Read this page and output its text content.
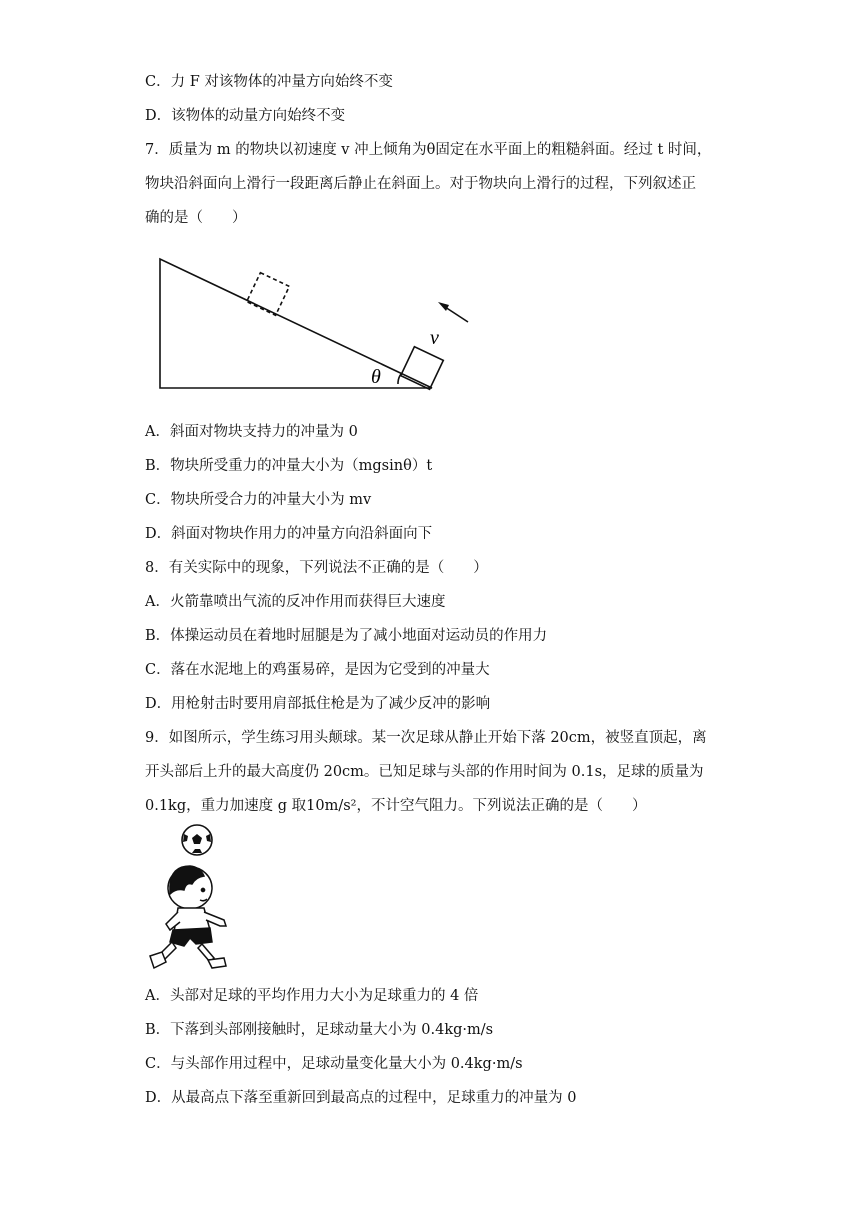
C．力 F 对该物体的冲量方向始终不变
D．该物体的动量方向始终不变
7．质量为 m 的物块以初速度 v 冲上倾角为θ固定在水平面上的粗糙斜面。经过 t 时间，
物块沿斜面向上滑行一段距离后静止在斜面上。对于物块向上滑行的过程，下列叙述正
确的是（　　）
v
θ
A．斜面对物块支持力的冲量为 0
B．物块所受重力的冲量大小为（mgsinθ）t
C．物块所受合力的冲量大小为 mv
D．斜面对物块作用力的冲量方向沿斜面向下
8．有关实际中的现象，下列说法不正确的是（　　）
A．火箭靠喷出气流的反冲作用而获得巨大速度
B．体操运动员在着地时屈腿是为了减小地面对运动员的作用力
C．落在水泥地上的鸡蛋易碎，是因为它受到的冲量大
D．用枪射击时要用肩部抵住枪是为了减少反冲的影响
9．如图所示，学生练习用头颠球。某一次足球从静止开始下落 20cm，被竖直顶起，离
开头部后上升的最大高度仍 20cm。已知足球与头部的作用时间为 0.1s，足球的质量为
0.1kg，重力加速度 g 取10m/s²，不计空气阻力。下列说法正确的是（　　）
A．头部对足球的平均作用力大小为足球重力的 4 倍
B．下落到头部刚接触时，足球动量大小为 0.4kg·m/s
C．与头部作用过程中，足球动量变化量大小为 0.4kg·m/s
D．从最高点下落至重新回到最高点的过程中，足球重力的冲量为 0
